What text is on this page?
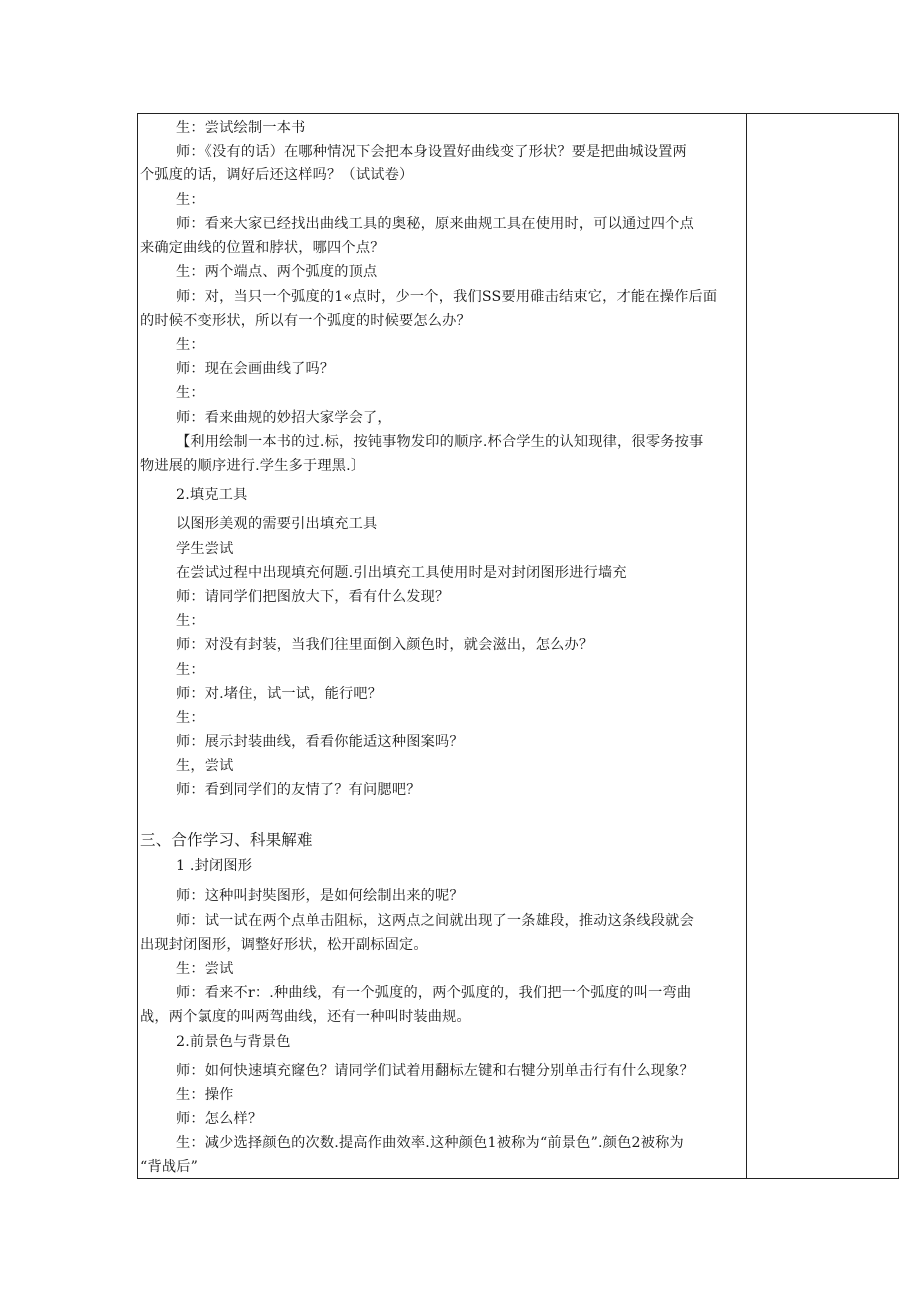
生：尝试绘制一本书
师：《没有的话）在哪种情况下会把本身设置好曲线变了形状？要是把曲城设置两
个弧度的话，调好后还这样吗？（试试卷）
生：
师：看来大家已经找出曲线工具的奥秘，原来曲规工具在使用时，可以通过四个点
来确定曲线的位置和脖状，哪四个点？
生：两个端点、两个弧度的顶点
师：对，当只一个弧度的1«点时，少一个，我们SS要用碓击结束它，才能在操作后面
的时候不变形状，所以有一个弧度的时候要怎么办？
生：
师：现在会画曲线了吗？
生：
师：看来曲规的妙招大家学会了，
【利用绘制一本书的过.标，按钝事物发印的顺序.杯合学生的认知现律，很零务按事
物进展的顺序进行.学生多于理黑.〕
2.填克工具
以图形美观的需要引出填充工具
学生尝试
在尝试过程中出现填充何题.引出填充工具使用时是对封闭图形进行墙充
师：请同学们把图放大下，看有什么发现？
生：
师：对没有封装，当我们往里面倒入颜色时，就会滋出，怎么办？
生：
师：对.堵住，试一试，能行吧？
生：
师：展示封装曲线，看看你能适这种图案吗？
生，尝试
师：看到同学们的友情了？有问腮吧？
三、合作学习、科果解难
1 .封闭图形
师：这种叫封奘图形，是如何绘制出来的呢？
师：试一试在两个点单击阻标，这两点之间就出现了一条雄段，推动这条线段就会
出现封闭图形，调整好形状，松开副标固定。
生：尝试
师：看来不r：.种曲线，有一个弧度的，两个弧度的，我们把一个弧度的叫一弯曲
战，两个氯度的叫两驾曲线，还有一种叫时装曲规。
2.前景色与背景色
师：如何快速填充窿色？请同学们试着用翻标左键和右犍分别单击行有什么现象？
生：操作
师：怎么样？
生：减少选择颜色的次数.提高作曲效率.这种颜色1被称为“前景色”.颜色2被称为
“背战后”
